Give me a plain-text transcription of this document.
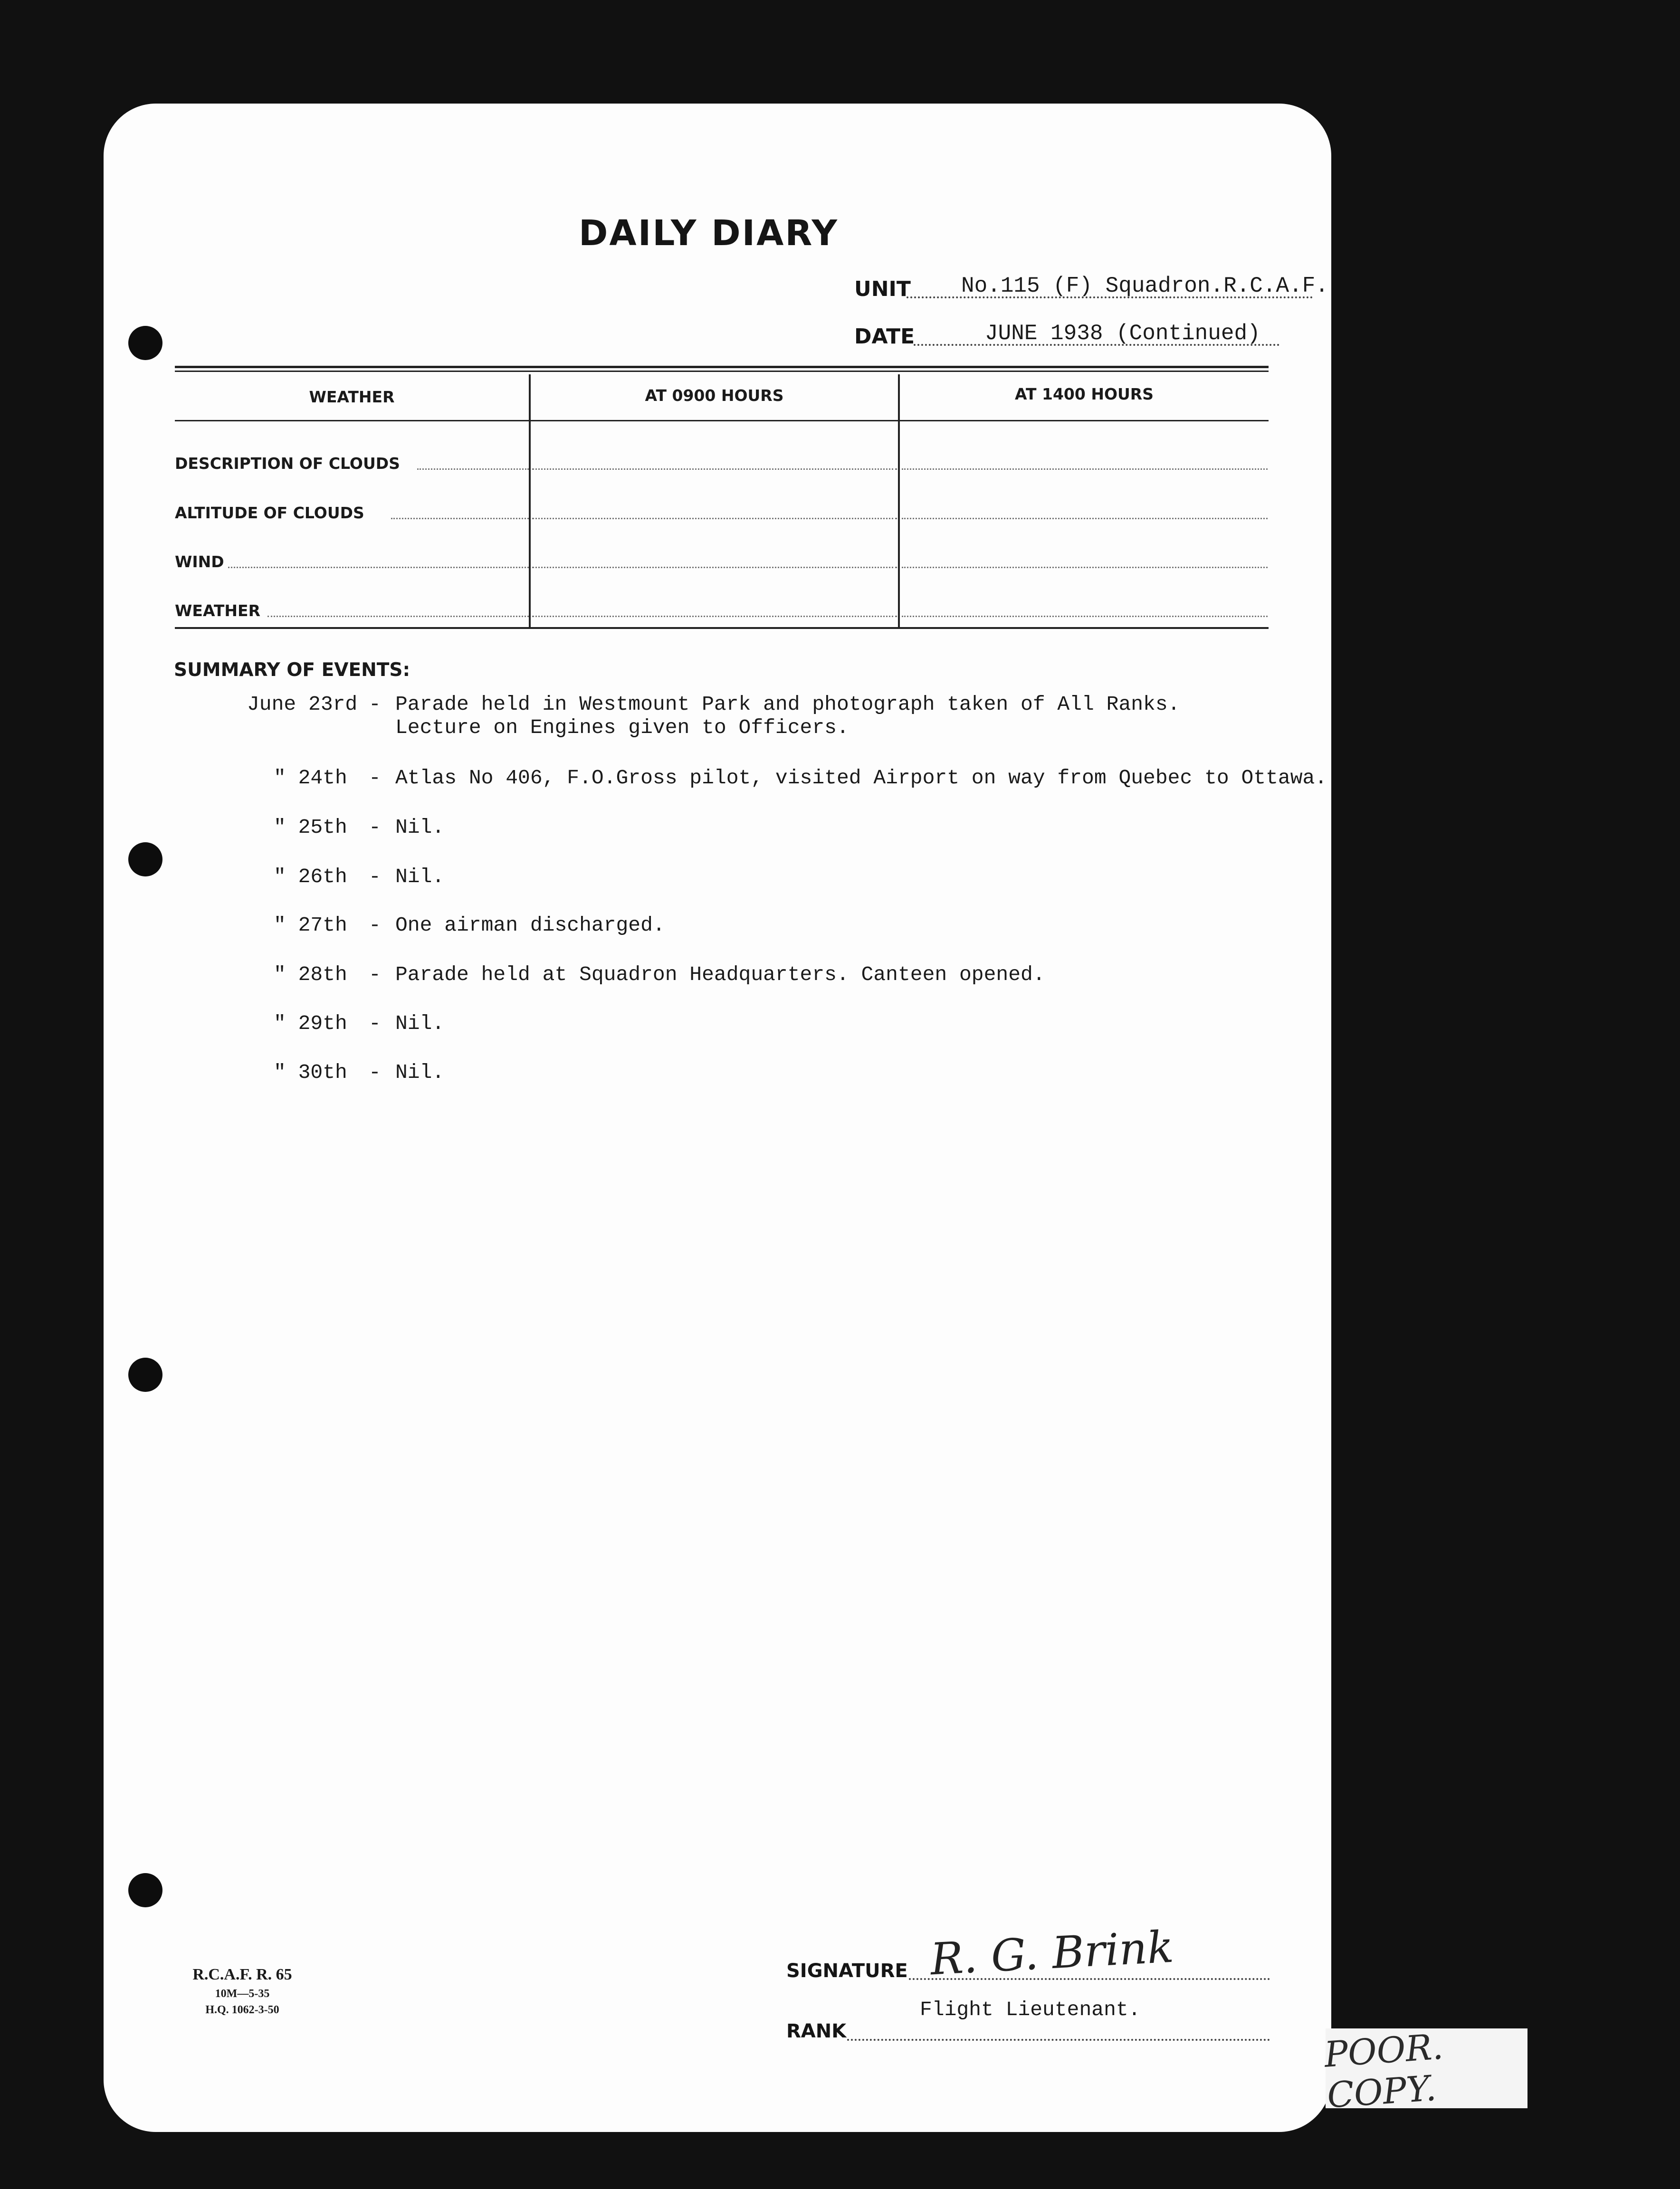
DAILY DIARY
UNIT No.115 (F) Squadron.R.C.A.F.
DATE	JUNE 1938 (Continued)
WEATHER	AT 0900 HOURS	AT 1400 HOURS
DESCRIPTION OF CLOUDS
ALTITUDE OF CLOUDS
WIND
WEATHER
SUMMARY OF EVENTS:
June 23rd - Parade held in Westmount Park and photograph taken of All Ranks.
Lecture on Engines given to Officers.
" 24th - Atlas No 406, F.O.Gross pilot, visited Airport on way from Quebec to Ottawa.
" 25th - Nil.
" 26th - Nil.
" 27th - One airman discharged.
" 28th - Parade held at Squadron Headquarters. Canteen opened.
" 29th - Nil.
" 30th - Nil.
R.C.A.F. R. 65
10M—5-35
H.Q. 1062-3-50
SIGNATURE R. G. Brink
RANK
Flight Lieutenant.
POOR. COPY.
